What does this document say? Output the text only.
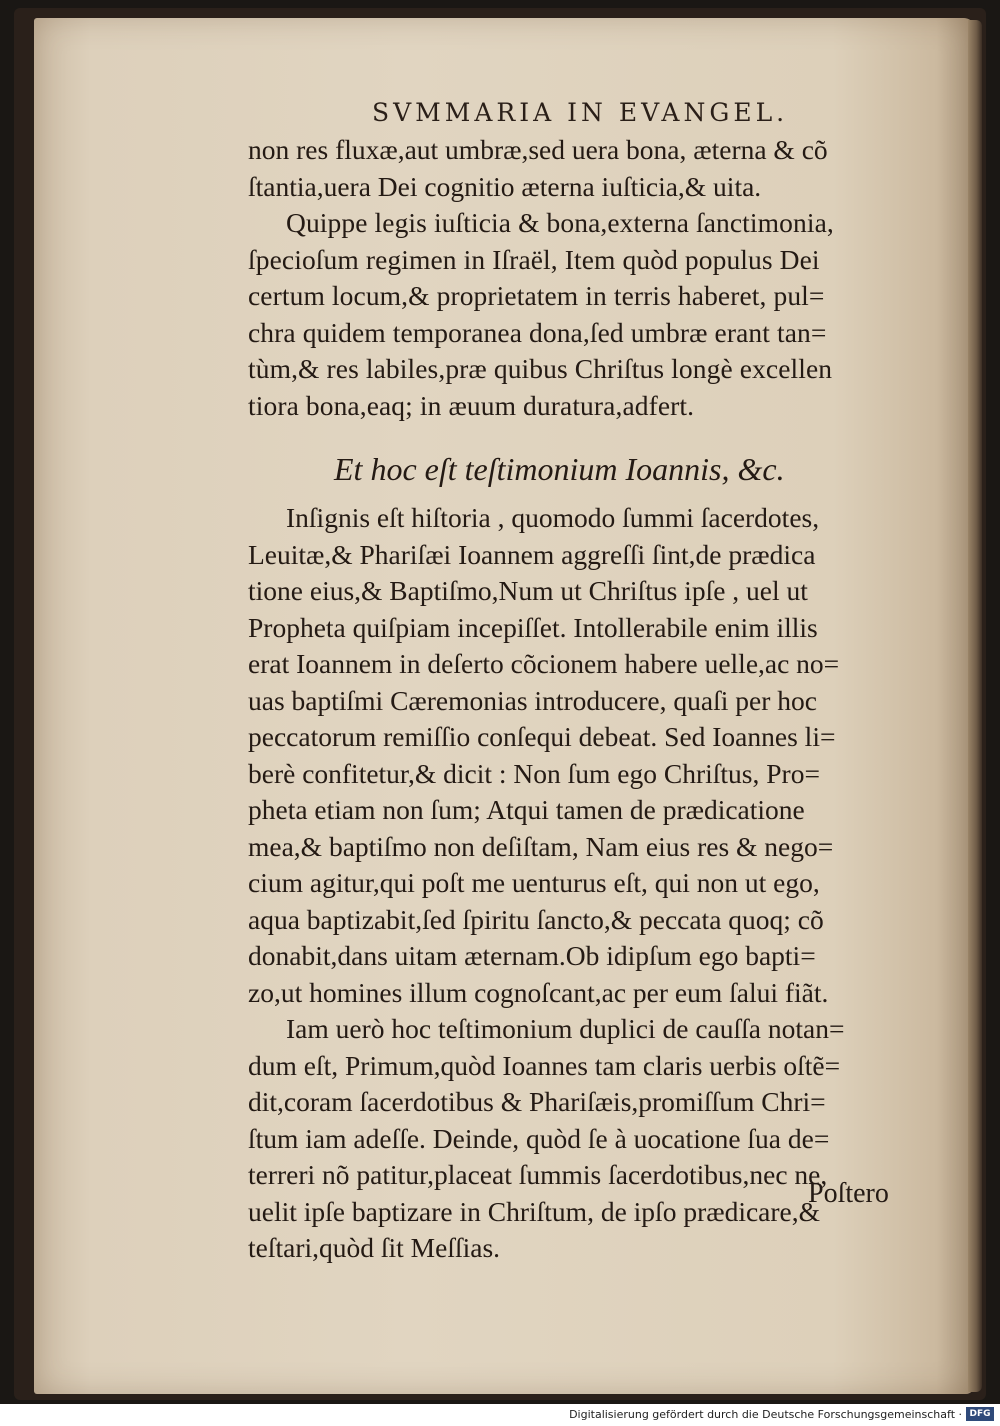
SVMMARIA IN EVANGEL.
non res fluxæ,aut umbræ,sed uera bona, æterna & cõ
ſtantia,uera Dei cognitio æterna iuſticia,& uita.
Quippe legis iuſticia & bona,externa ſanctimonia,
ſpecioſum regimen in Iſraël, Item quòd populus Dei
certum locum,& proprietatem in terris haberet, pul=
chra quidem temporanea dona,ſed umbræ erant tan=
tùm,& res labiles,præ quibus Chriſtus longè excellen
tiora bona,eaq; in æuum duratura,adfert.
Et hoc eſt teſtimonium Ioannis, &c.
Inſignis eſt hiſtoria , quomodo ſummi ſacerdotes,
Leuitæ,& Phariſæi Ioannem aggreſſi ſint,de prædica
tione eius,& Baptiſmo,Num ut Chriſtus ipſe , uel ut
Propheta quiſpiam incepiſſet. Intollerabile enim illis
erat Ioannem in deſerto cõcionem habere uelle,ac no=
uas baptiſmi Cæremonias introducere, quaſi per hoc
peccatorum remiſſio conſequi debeat. Sed Ioannes li=
berè confitetur,& dicit : Non ſum ego Chriſtus, Pro=
pheta etiam non ſum; Atqui tamen de prædicatione
mea,& baptiſmo non deſiſtam, Nam eius res & nego=
cium agitur,qui poſt me uenturus eſt, qui non ut ego,
aqua baptizabit,ſed ſpiritu ſancto,& peccata quoq; cõ
donabit,dans uitam æternam.Ob idipſum ego bapti=
zo,ut homines illum cognoſcant,ac per eum ſalui fiãt.
Iam uerò hoc teſtimonium duplici de cauſſa notan=
dum eſt, Primum,quòd Ioannes tam claris uerbis oſtẽ=
dit,coram ſacerdotibus & Phariſæis,promiſſum Chri=
ſtum iam adeſſe. Deinde, quòd ſe à uocatione ſua de=
terreri nõ patitur,placeat ſummis ſacerdotibus,nec ne,
uelit ipſe baptizare in Chriſtum, de ipſo prædicare,&
teſtari,quòd ſit Meſſias.
Poſtero
Digitalisierung gefördert durch die Deutsche Forschungsgemeinschaft · DFG
